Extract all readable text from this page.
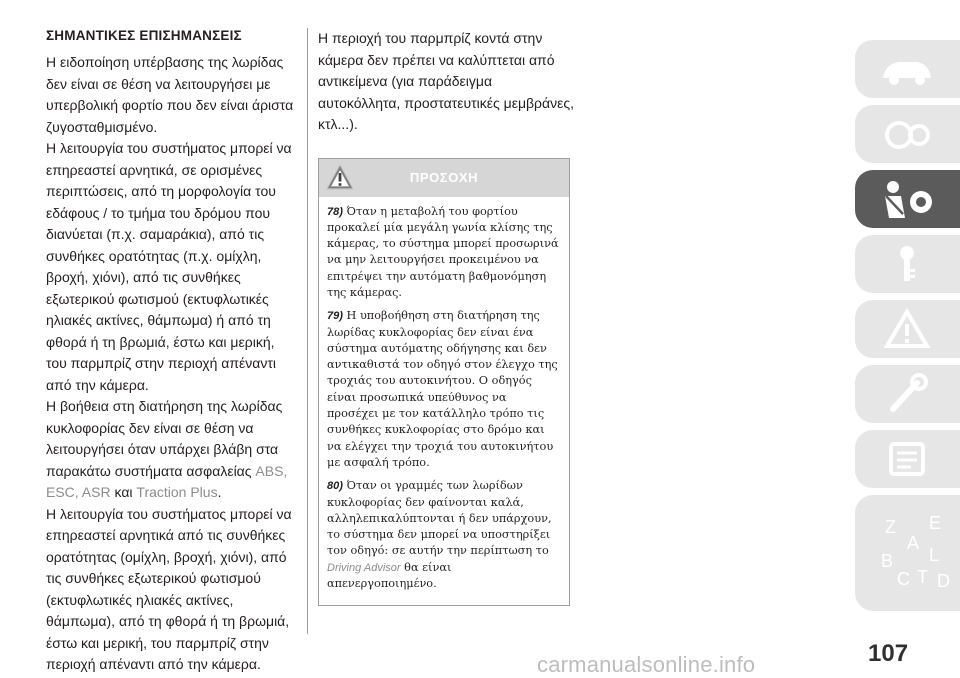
ΣΗΜΑΝΤΙΚΕΣ ΕΠΙΣΗΜΑΝΣΕΙΣ

Η ειδοποίηση υπέρβασης της λωρίδας δεν είναι σε θέση να λειτουργήσει με υπερβολική φορτίο που δεν είναι άριστα ζυγοσταθμισμένο.

Η λειτουργία του συστήματος μπορεί να επηρεαστεί αρνητικά, σε ορισμένες περιπτώσεις, από τη μορφολογία του εδάφους / το τμήμα του δρόμου που διανύεται (π.χ. σαμαράκια), από τις συνθήκες ορατότητας (π.χ. ομίχλη, βροχή, χιόνι), από τις συνθήκες εξωτερικού φωτισμού (εκτυφλωτικές ηλιακές ακτίνες, θάμπωμα) ή από τη φθορά ή τη βρωμιά, έστω και μερική, του παρμπρίζ στην περιοχή απέναντι από την κάμερα.

Η βοήθεια στη διατήρηση της λωρίδας κυκλοφορίας δεν είναι σε θέση να λειτουργήσει όταν υπάρχει βλάβη στα παρακάτω συστήματα ασφαλείας ABS, ESC, ASR και Traction Plus.

Η λειτουργία του συστήματος μπορεί να επηρεαστεί αρνητικά από τις συνθήκες ορατότητας (ομίχλη, βροχή, χιόνι), από τις συνθήκες εξωτερικού φωτισμού (εκτυφλωτικές ηλιακές ακτίνες, θάμπωμα), από τη φθορά ή τη βρωμιά, έστω και μερική, του παρμπρίζ στην περιοχή απέναντι από την κάμερα.

Η περιοχή του παρμπρίζ κοντά στην κάμερα δεν πρέπει να καλύπτεται από αντικείμενα (για παράδειγμα αυτοκόλλητα, προστατευτικές μεμβράνες, κτλ...).

ΠΡΟΣΟΧΗ

78) Όταν η μεταβολή του φορτίου προκαλεί μία μεγάλη γωνία κλίσης της κάμερας, το σύστημα μπορεί προσωρινά να μην λειτουργήσει προκειμένου να επιτρέψει την αυτόματη βαθμονόμηση της κάμερας.

79) Η υποβοήθηση στη διατήρηση της λωρίδας κυκλοφορίας δεν είναι ένα σύστημα αυτόματης οδήγησης και δεν αντικαθιστά τον οδηγό στον έλεγχο της τροχιάς του αυτοκινήτου. Ο οδηγός είναι προσωπικά υπεύθυνος να προσέχει με τον κατάλληλο τρόπο τις συνθήκες κυκλοφορίας στο δρόμο και να ελέγχει την τροχιά του αυτοκινήτου με ασφαλή τρόπο.

80) Όταν οι γραμμές των λωρίδων κυκλοφορίας δεν φαίνονται καλά, αλληλεπικαλύπτονται ή δεν υπάρχουν, το σύστημα δεν μπορεί να υποστηρίξει τον οδηγό: σε αυτήν την περίπτωση το Driving Advisor θα είναι απενεργοποιημένο.

Z E
A
B L
C T D
107
carmanualsonline.info
